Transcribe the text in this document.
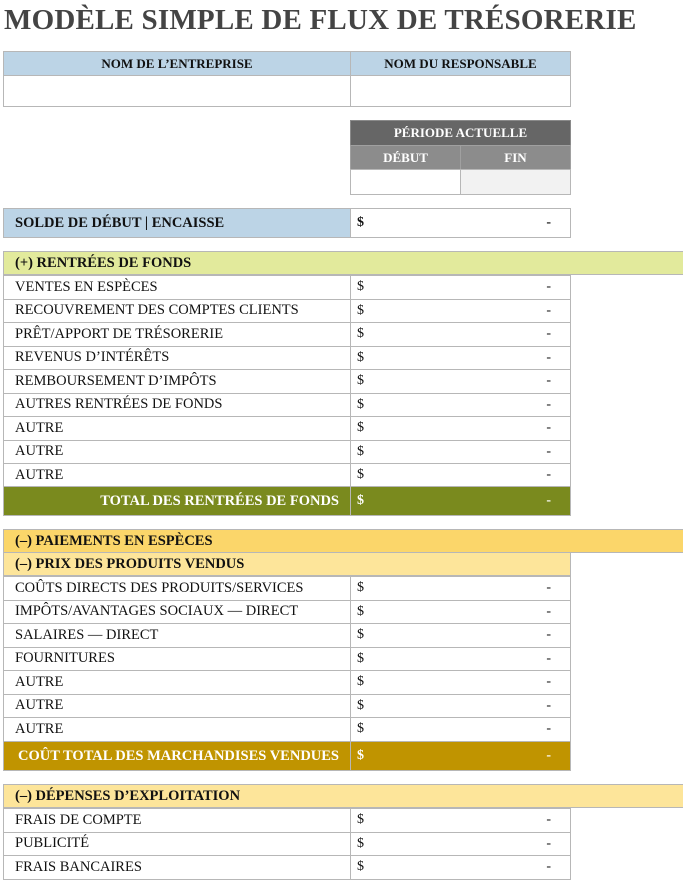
MODÈLE SIMPLE DE FLUX DE TRÉSORERIE
NOM DE L’ENTREPRISE	NOM DU RESPONSABLE
PÉRIODE ACTUELLE
DÉBUT	FIN
SOLDE DE DÉBUT | ENCAISSE	$	-
(+) RENTRÉES DE FONDS
VENTES EN ESPÈCES	$	-
RECOUVREMENT DES COMPTES CLIENTS	$	-
PRÊT/APPORT DE TRÉSORERIE	$	-
REVENUS D’INTÉRÊTS	$	-
REMBOURSEMENT D’IMPÔTS	$	-
AUTRES RENTRÉES DE FONDS	$	-
AUTRE	$	-
AUTRE	$	-
AUTRE	$	-
TOTAL DES RENTRÉES DE FONDS	$	-
(–) PAIEMENTS EN ESPÈCES
(–) PRIX DES PRODUITS VENDUS
COÛTS DIRECTS DES PRODUITS/SERVICES	$	-
IMPÔTS/AVANTAGES SOCIAUX — DIRECT	$	-
SALAIRES — DIRECT	$	-
FOURNITURES	$	-
AUTRE	$	-
AUTRE	$	-
AUTRE	$	-
COÛT TOTAL DES MARCHANDISES VENDUES	$	-
(–) DÉPENSES D’EXPLOITATION
FRAIS DE COMPTE	$	-
PUBLICITÉ	$	-
FRAIS BANCAIRES	$	-
